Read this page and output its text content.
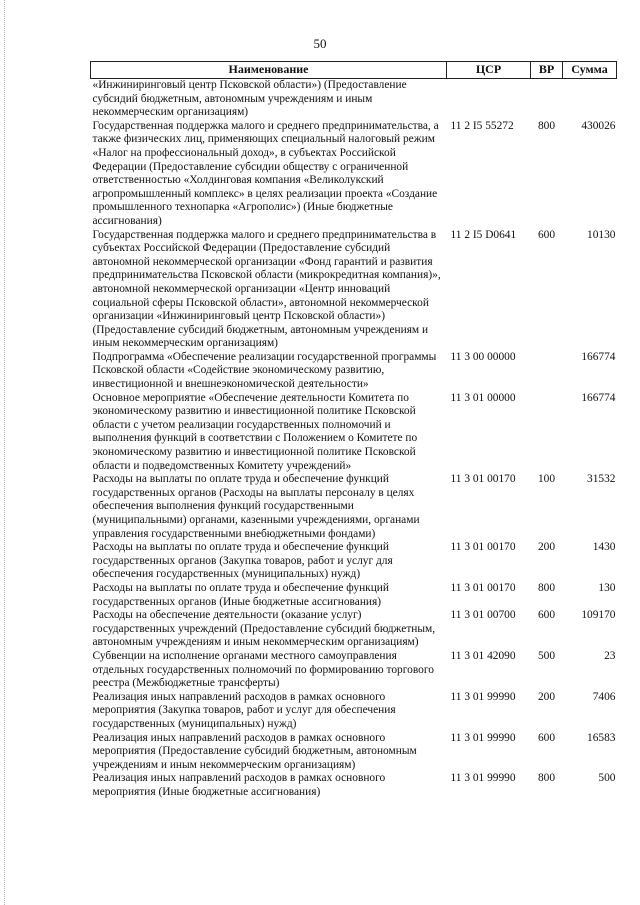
50
Наименование	ЦСР	ВР	Сумма
«Инжиниринговый центр Псковской области») (Предоставление субсидий бюджетным, автономным учреждениям и иным некоммерческим организациям)			
Государственная поддержка малого и среднего предпринимательства, а также физических лиц, применяющих специальный налоговый режим «Налог на профессиональный доход», в субъектах Российской Федерации (Предоставление субсидии обществу с ограниченной ответственностью «Холдинговая компания «Великолукский агропромышленный комплекс» в целях реализации проекта «Создание промышленного технопарка «Агрополис») (Иные бюджетные ассигнования)	11 2 I5 55272	800	430026
Государственная поддержка малого и среднего предпринимательства в субъектах Российской Федерации (Предоставление субсидий автономной некоммерческой организации «Фонд гарантий и развития предпринимательства Псковской области (микрокредитная компания)», автономной некоммерческой организации «Центр инноваций социальной сферы Псковской области», автономной некоммерческой организации «Инжиниринговый центр Псковской области») (Предоставление субсидий бюджетным, автономным учреждениям и иным некоммерческим организациям)	11 2 I5 D0641	600	10130
Подпрограмма «Обеспечение реализации государственной программы Псковской области «Содействие экономическому развитию, инвестиционной и внешнеэкономической деятельности»	11 3 00 00000		166774
Основное мероприятие «Обеспечение деятельности Комитета по экономическому развитию и инвестиционной политике Псковской области с учетом реализации государственных полномочий и выполнения функций в соответствии с Положением о Комитете по экономическому развитию и инвестиционной политике Псковской области и подведомственных Комитету учреждений»	11 3 01 00000		166774
Расходы на выплаты по оплате труда и обеспечение функций государственных органов (Расходы на выплаты персоналу в целях обеспечения выполнения функций государственными (муниципальными) органами, казенными учреждениями, органами управления государственными внебюджетными фондами)	11 3 01 00170	100	31532
Расходы на выплаты по оплате труда и обеспечение функций государственных органов (Закупка товаров, работ и услуг для обеспечения государственных (муниципальных) нужд)	11 3 01 00170	200	1430
Расходы на выплаты по оплате труда и обеспечение функций государственных органов (Иные бюджетные ассигнования)	11 3 01 00170	800	130
Расходы на обеспечение деятельности (оказание услуг) государственных учреждений (Предоставление субсидий бюджетным, автономным учреждениям и иным некоммерческим организациям)	11 3 01 00700	600	109170
Субвенции на исполнение органами местного самоуправления отдельных государственных полномочий по формированию торгового реестра (Межбюджетные трансферты)	11 3 01 42090	500	23
Реализация иных направлений расходов в рамках основного мероприятия (Закупка товаров, работ и услуг для обеспечения государственных (муниципальных) нужд)	11 3 01 99990	200	7406
Реализация иных направлений расходов в рамках основного мероприятия (Предоставление субсидий бюджетным, автономным учреждениям и иным некоммерческим организациям)	11 3 01 99990	600	16583
Реализация иных направлений расходов в рамках основного мероприятия (Иные бюджетные ассигнования)	11 3 01 99990	800	500
